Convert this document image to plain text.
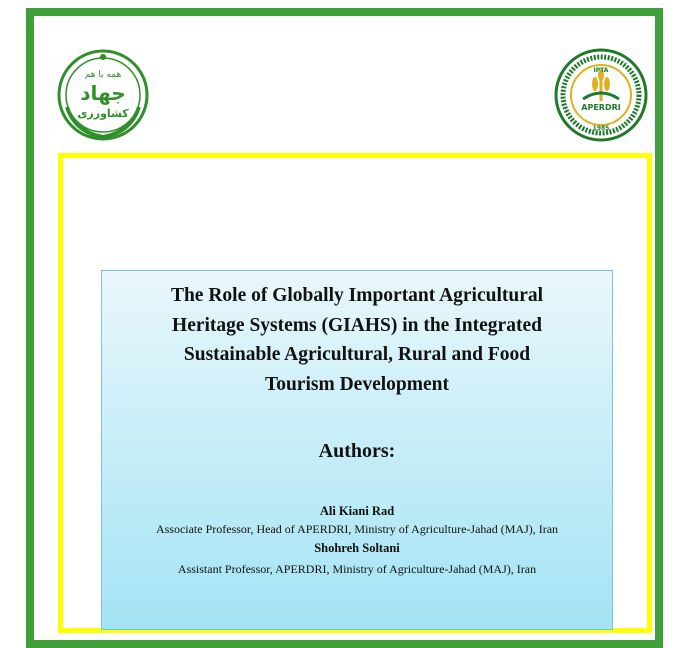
همه با هم
جهاد
کشاورزی
IPTA
APERDRI
1985
The Role of Globally Important Agricultural
Heritage Systems (GIAHS) in the Integrated
Sustainable Agricultural, Rural and Food
Tourism Development
Authors:
Ali Kiani Rad
Associate Professor, Head of APERDRI, Ministry of Agriculture-Jahad (MAJ), Iran
Shohreh Soltani
Assistant Professor, APERDRI, Ministry of Agriculture-Jahad (MAJ), Iran
